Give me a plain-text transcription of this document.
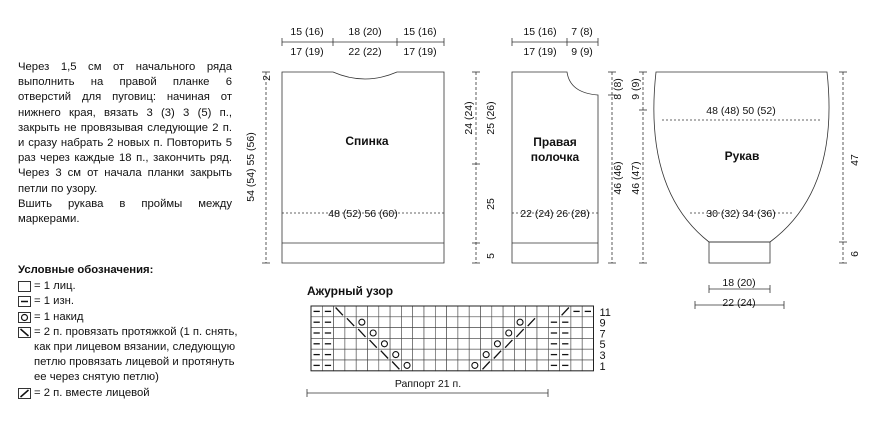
15 (16) 18 (20) 15 (16)
17 (19) 22 (22) 17 (19)
48 (52) 56 (60)
15 (16) 7 (8)
17 (19) 9 (9)
22 (24) 26 (28)
48 (48) 50 (52)
30 (32) 34 (36)
18 (20)
22 (24)
Раппорт 21 п.
Спинка	Правая
полочка	Рукав
Ажурный узор
2
54 (54) 55 (56)
24 (24) 25 (26)
25
5
8 (8)
46 (46)
9 (9)
46 (47)
47
6
11
9
7
5
3
1

Через 1,5 см от начального ряда выполнить на правой планке 6 отверстий для пуговиц: начиная от нижнего края, вязать 3 (3) 3 (5) п., закрыть не провязывая следующие 2 п. и сразу набрать 2 новых п. Повторить 5 раз через каждые 18 п., закончить ряд. Через 3 см от начала планки закрыть петли по узору.

Вшить рукава в проймы между маркерами.

Условные обозначения:
= 1 лиц.
= 1 изн.
= 1 накид
= 2 п. провязать протяжкой (1 п. снять, как при лицевом вязании, следующую петлю провязать лицевой и протянуть ее через снятую петлю)
= 2 п. вместе лицевой
